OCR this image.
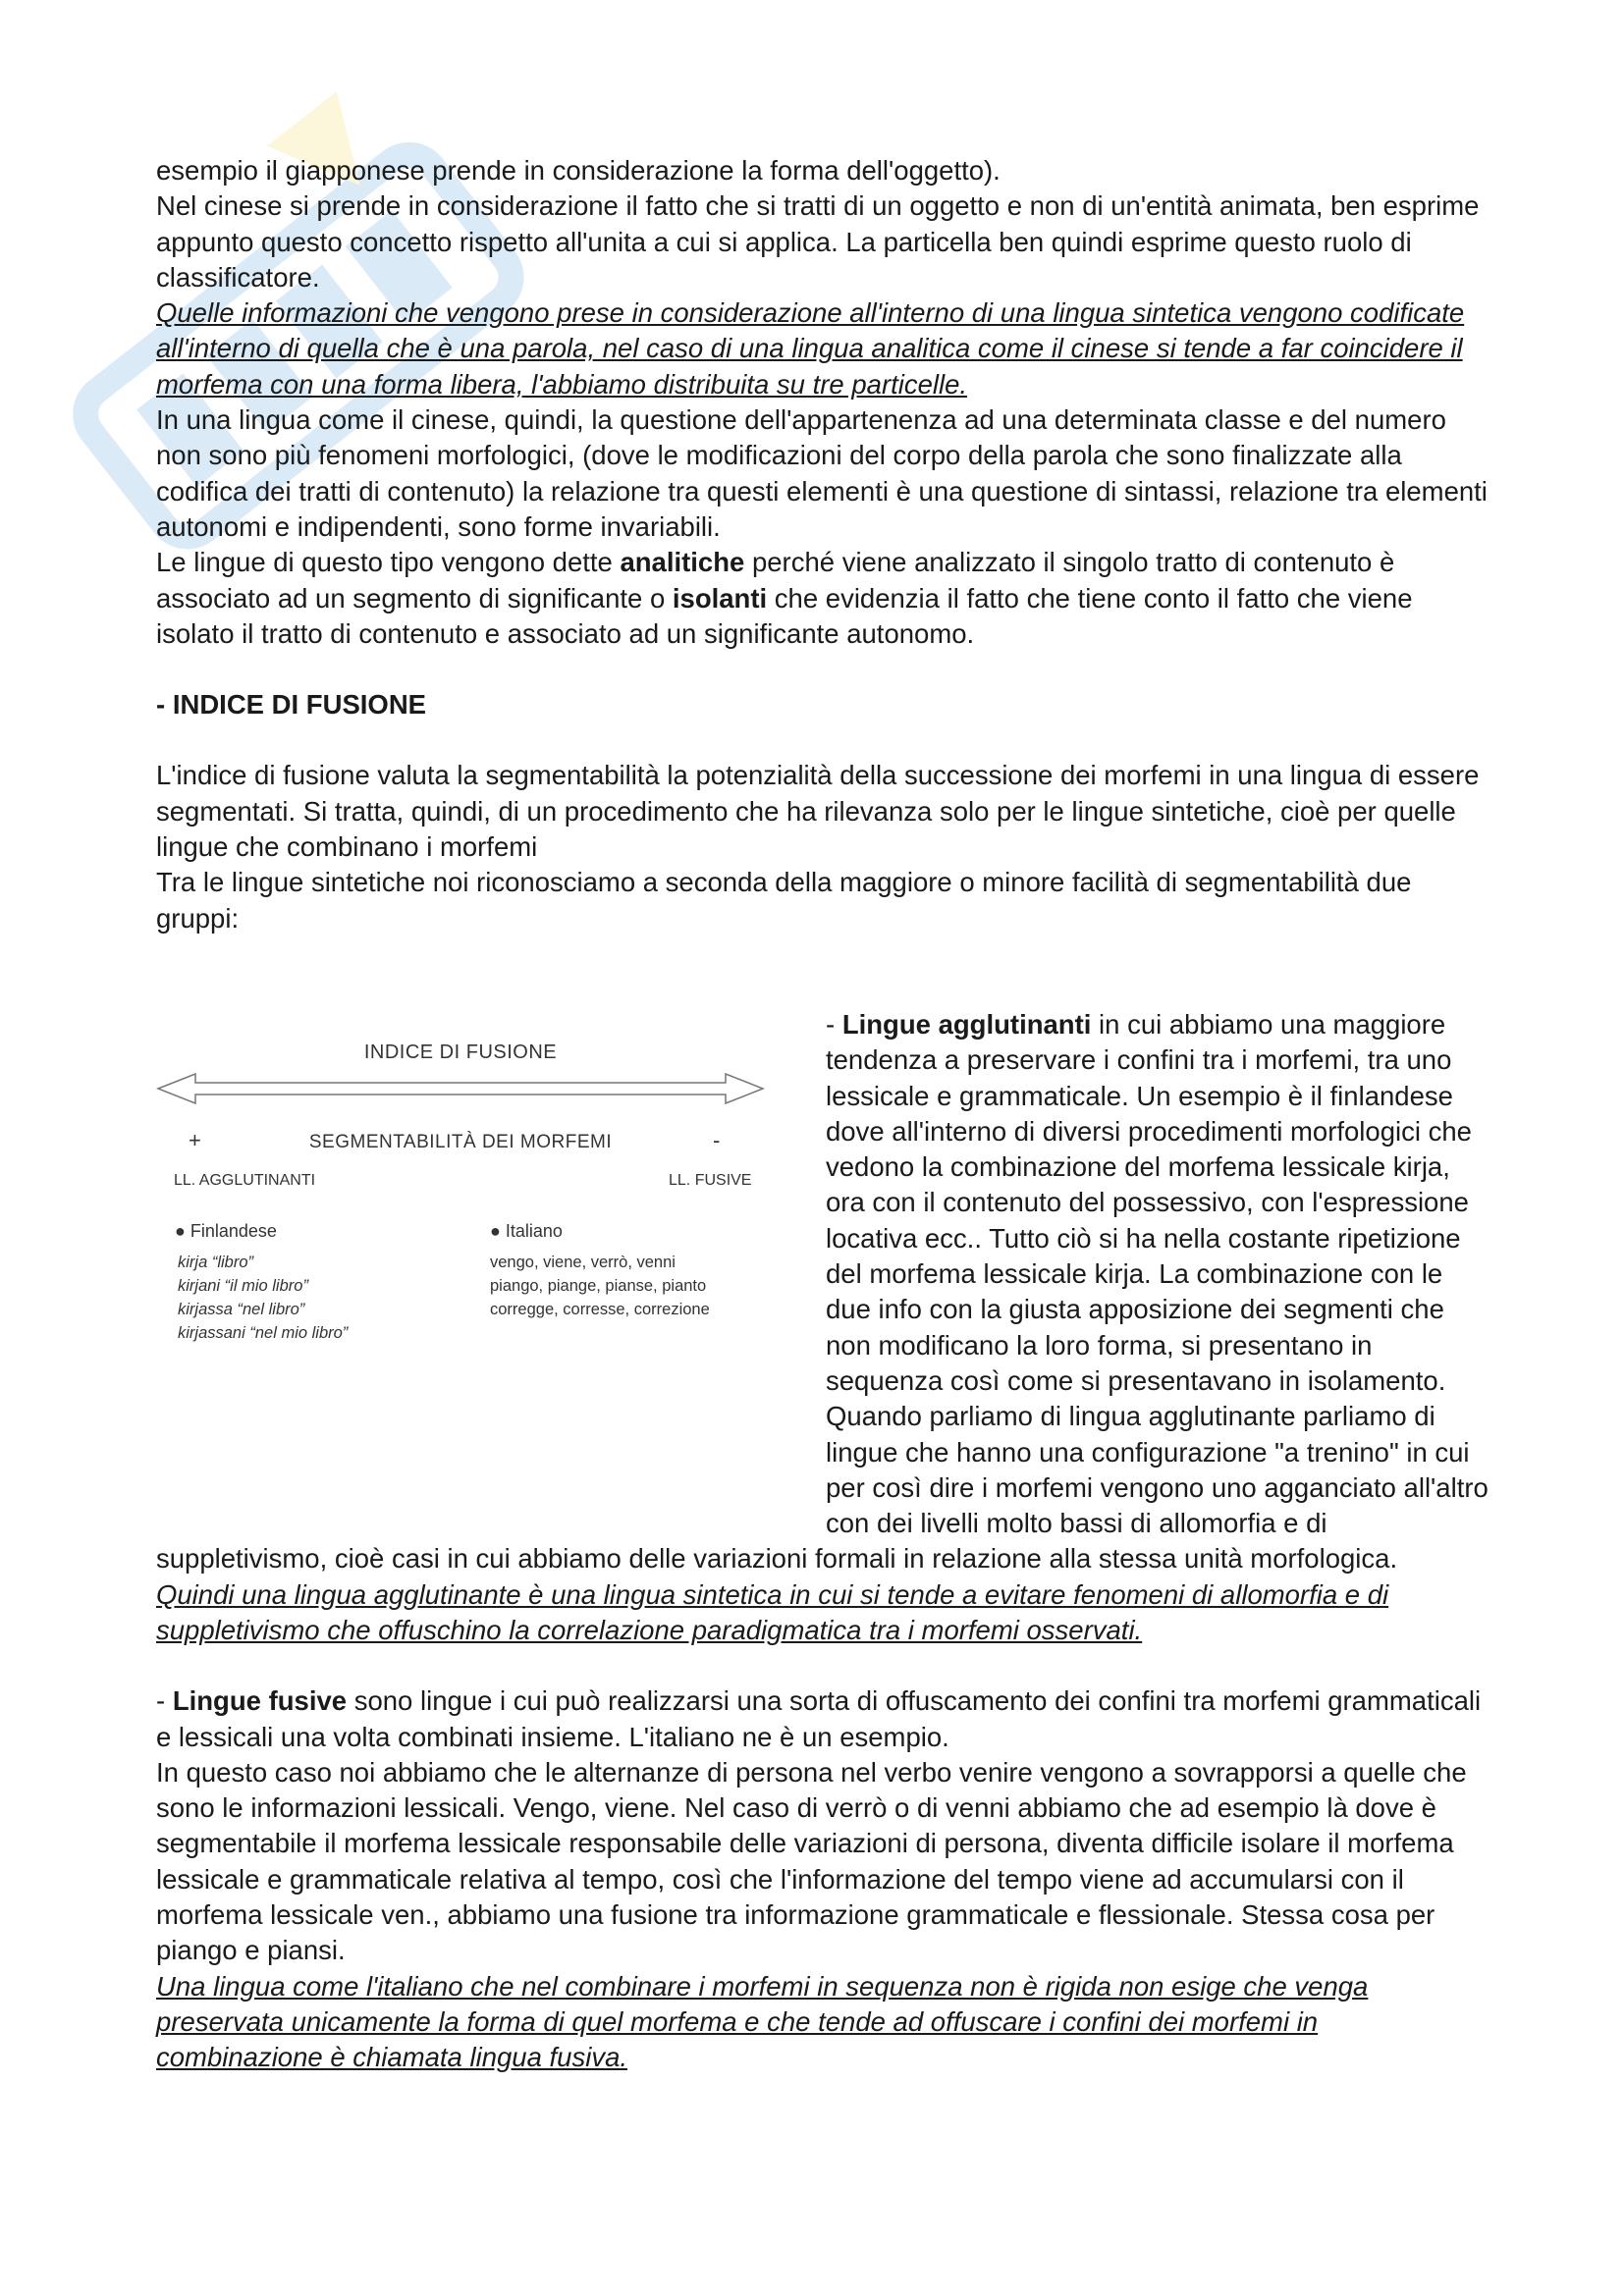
esempio il giapponese prende in considerazione la forma dell'oggetto).

Nel cinese si prende in considerazione il fatto che si tratti di un oggetto e non di un'entità animata, ben esprime appunto questo concetto rispetto all'unita a cui si applica. La particella ben quindi esprime questo ruolo di classificatore.

Quelle informazioni che vengono prese in considerazione all'interno di una lingua sintetica vengono codificate all'interno di quella che è una parola, nel caso di una lingua analitica come il cinese si tende a far coincidere il morfema con una forma libera, l'abbiamo distribuita su tre particelle.

In una lingua come il cinese, quindi, la questione dell'appartenenza ad una determinata classe e del numero non sono più fenomeni morfologici, (dove le modificazioni del corpo della parola che sono finalizzate alla codifica dei tratti di contenuto) la relazione tra questi elementi è una questione di sintassi, relazione tra elementi autonomi e indipendenti, sono forme invariabili.

Le lingue di questo tipo vengono dette analitiche perché viene analizzato il singolo tratto di contenuto è associato ad un segmento di significante o isolanti che evidenzia il fatto che tiene conto il fatto che viene isolato il tratto di contenuto e associato ad un significante autonomo.

- INDICE DI FUSIONE

L'indice di fusione valuta la segmentabilità la potenzialità della successione dei morfemi in una lingua di essere segmentati. Si tratta, quindi, di un procedimento che ha rilevanza solo per le lingue sintetiche, cioè per quelle lingue che combinano i morfemi

Tra le lingue sintetiche noi riconosciamo a seconda della maggiore o minore facilità di segmentabilità due gruppi:

INDICE DI FUSIONE
+	SEGMENTABILITÀ DEI MORFEMI	-
LL. AGGLUTINANTI	LL. FUSIVE
● Finlandese	● Italiano
kirja “libro”
kirjani “il mio libro”
kirjassa “nel libro”
kirjassani “nel mio libro”
vengo, viene, verrò, venni
piango, piange, pianse, pianto
corregge, corresse, correzione

- Lingue agglutinanti in cui abbiamo una maggiore tendenza a preservare i confini tra i morfemi, tra uno lessicale e grammaticale. Un esempio è il finlandese dove all'interno di diversi procedimenti morfologici che vedono la combinazione del morfema lessicale kirja, ora con il contenuto del possessivo, con l'espressione locativa ecc.. Tutto ciò si ha nella costante ripetizione del morfema lessicale kirja. La combinazione con le due info con la giusta apposizione dei segmenti che non modificano la loro forma, si presentano in sequenza così come si presentavano in isolamento. Quando parliamo di lingua agglutinante parliamo di lingue che hanno una configurazione "a trenino" in cui per così dire i morfemi vengono uno agganciato all'altro con dei livelli molto bassi di allomorfia e di suppletivismo, cioè casi in cui abbiamo delle variazioni formali in relazione alla stessa unità morfologica.

Quindi una lingua agglutinante è una lingua sintetica in cui si tende a evitare fenomeni di allomorfia e di suppletivismo che offuschino la correlazione paradigmatica tra i morfemi osservati.

- Lingue fusive sono lingue i cui può realizzarsi una sorta di offuscamento dei confini tra morfemi grammaticali e lessicali una volta combinati insieme. L'italiano ne è un esempio.

In questo caso noi abbiamo che le alternanze di persona nel verbo venire vengono a sovrapporsi a quelle che sono le informazioni lessicali. Vengo, viene. Nel caso di verrò o di venni abbiamo che ad esempio là dove è segmentabile il morfema lessicale responsabile delle variazioni di persona, diventa difficile isolare il morfema lessicale e grammaticale relativa al tempo, così che l'informazione del tempo viene ad accumularsi con il morfema lessicale ven., abbiamo una fusione tra informazione grammaticale e flessionale. Stessa cosa per piango e piansi.

Una lingua come l'italiano che nel combinare i morfemi in sequenza non è rigida non esige che venga preservata unicamente la forma di quel morfema e che tende ad offuscare i confini dei morfemi in combinazione è chiamata lingua fusiva.
